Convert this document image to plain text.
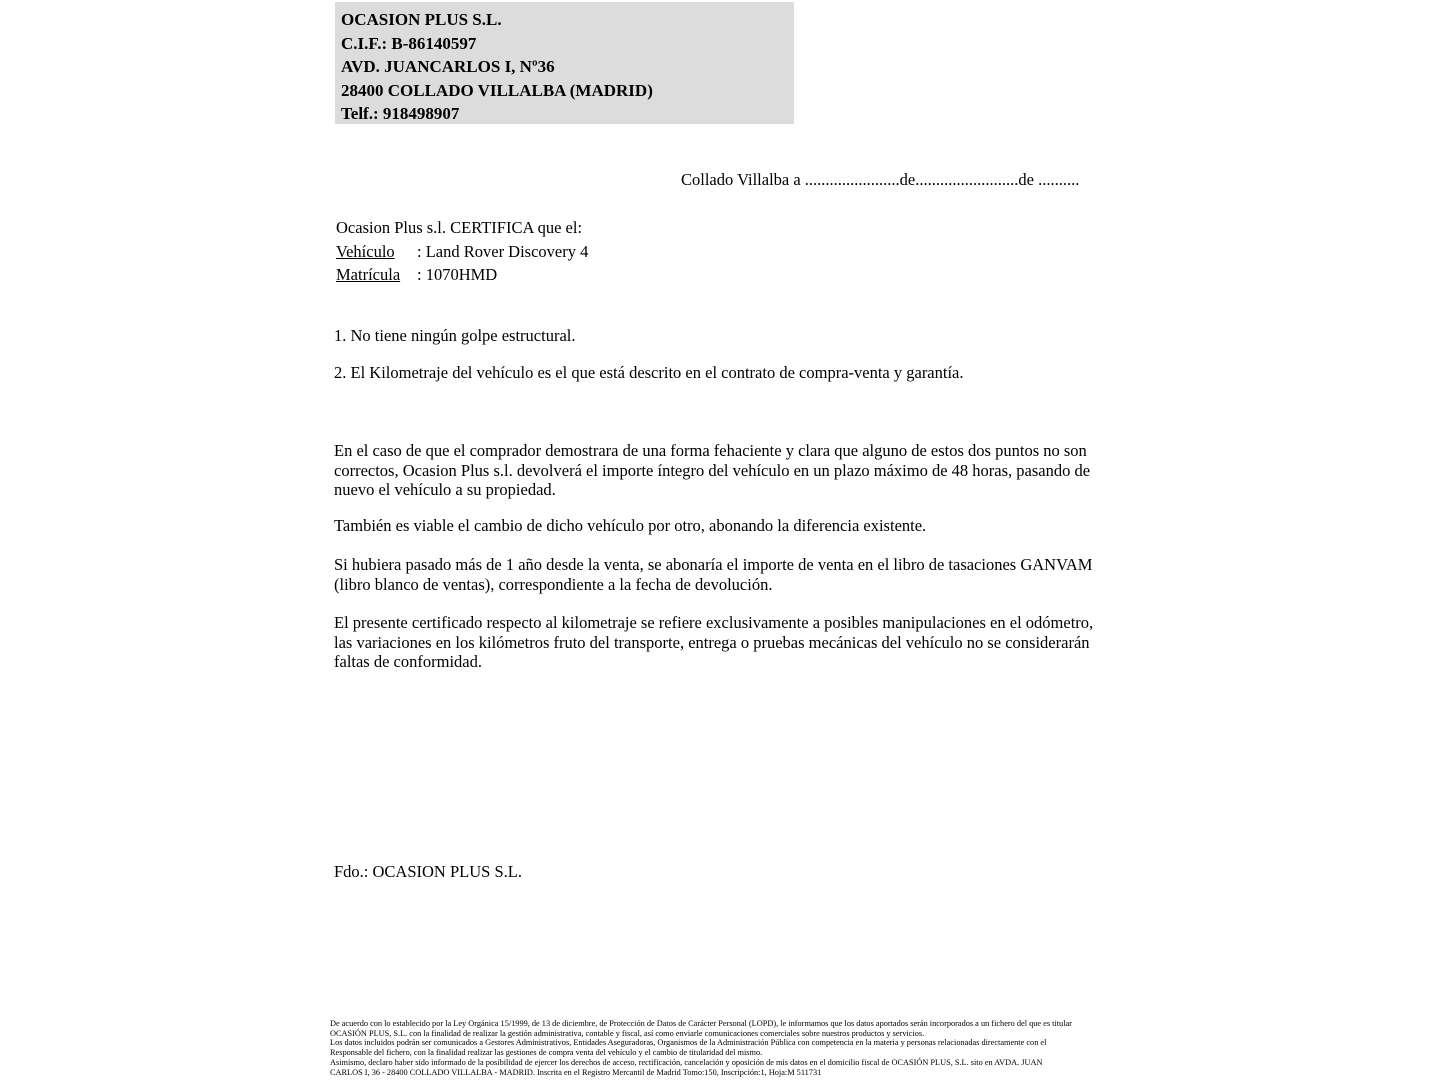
OCASION PLUS S.L.
C.I.F.: B-86140597
AVD. JUANCARLOS I, Nº36
28400 COLLADO VILLALBA (MADRID)
Telf.: 918498907
Collado Villalba a .......................de.........................de ..........
Ocasion Plus s.l. CERTIFICA que el:
Vehículo	: Land Rover Discovery 4
Matrícula	: 1070HMD
1. No tiene ningún golpe estructural.
2. El Kilometraje del vehículo es el que está descrito en el contrato de compra-venta y garantía.
En el caso de que el comprador demostrara de una forma fehaciente y clara que alguno de estos dos puntos no son correctos, Ocasion Plus s.l. devolverá el importe íntegro del vehículo en un plazo máximo de 48 horas, pasando de nuevo el vehículo a su propiedad.
También es viable el cambio de dicho vehículo por otro, abonando la diferencia existente.
Si hubiera pasado más de 1 año desde la venta, se abonaría el importe de venta en el libro de tasaciones GANVAM (libro blanco de ventas), correspondiente a la fecha de devolución.
El presente certificado respecto al kilometraje se refiere exclusivamente a posibles manipulaciones en el odómetro, las variaciones en los kilómetros fruto del transporte, entrega o pruebas mecánicas del vehículo no se considerarán faltas de conformidad.
Fdo.: OCASION PLUS S.L.
De acuerdo con lo establecido por la Ley Orgánica 15/1999, de 13 de diciembre, de Protección de Datos de Carácter Personal (LOPD), le informamos que los datos aportados serán incorporados a un fichero del que es titular
OCASIÓN PLUS, S.L. con la finalidad de realizar la gestión administrativa, contable y fiscal, así como enviarle comunicaciones comerciales sobre nuestros productos y servicios.
Los datos incluidos podrán ser comunicados a Gestores Administrativos, Entidades Aseguradoras, Organismos de la Administración Pública con competencia en la materia y personas relacionadas directamente con el
Responsable del fichero, con la finalidad realizar las gestiones de compra venta del vehículo y el cambio de titularidad del mismo.
Asimismo, declaro haber sido informado de la posibilidad de ejercer los derechos de acceso, rectificación, cancelación y oposición de mis datos en el domicilio fiscal de OCASIÓN PLUS, S.L. sito en AVDA. JUAN
CARLOS I, 36 - 28400 COLLADO VILLALBA - MADRID. Inscrita en el Registro Mercantil de Madrid Tomo:150, Inscripción:1, Hoja:M 511731
